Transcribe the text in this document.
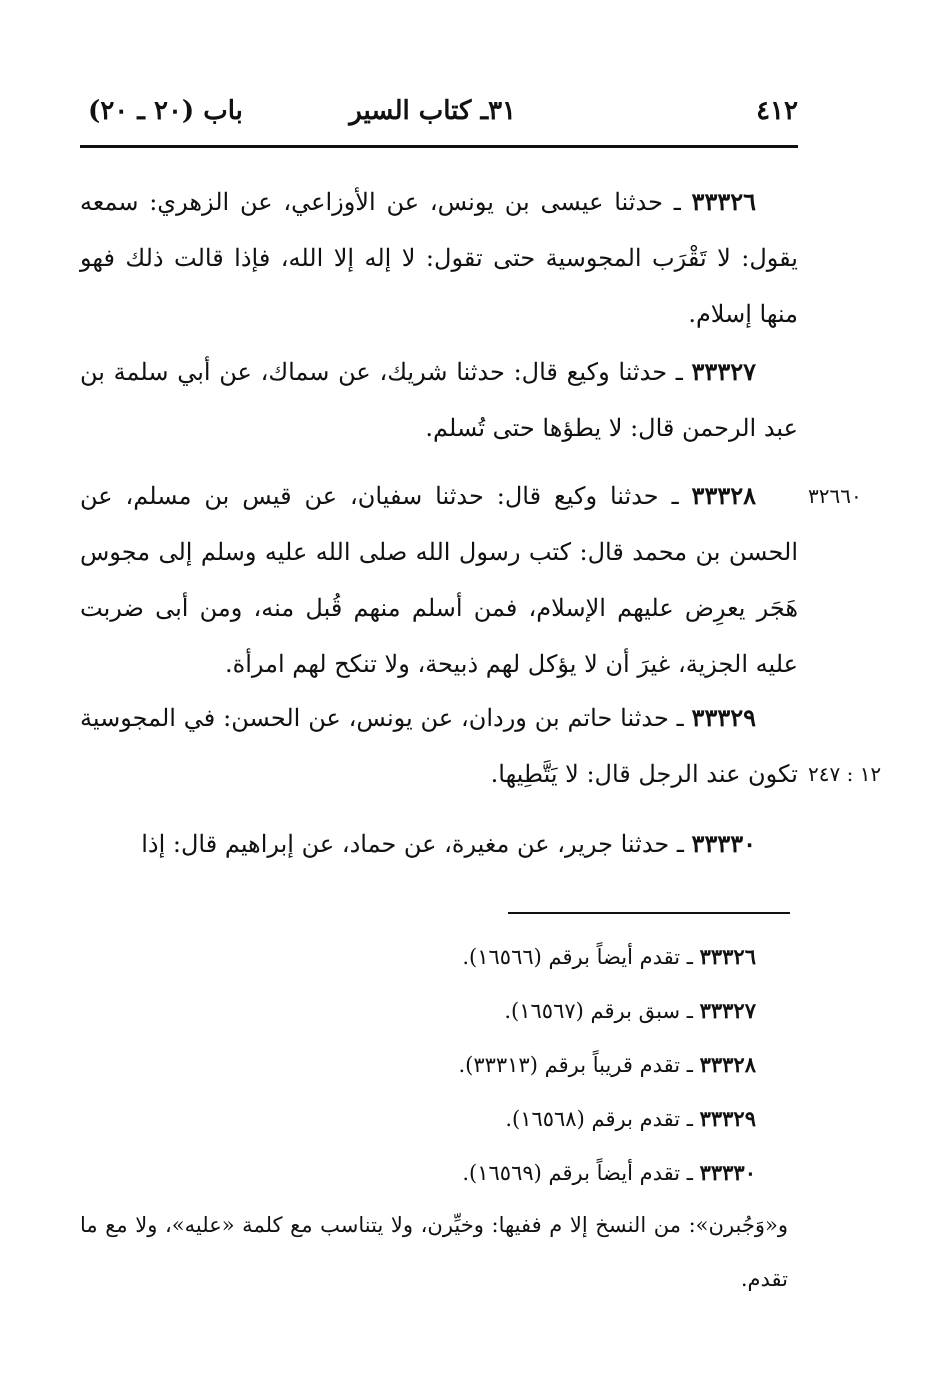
٤١٢
٣١ـ كتاب السير
باب (٢٠ ـ ٢٠)

٣٣٣٢٦ ـ حدثنا عيسى بن يونس، عن الأوزاعي، عن الزهري: سمعه يقول: لا تَقْرَب المجوسية حتى تقول: لا إله إلا الله، فإذا قالت ذلك فهو منها إسلام.

٣٣٣٢٧ ـ حدثنا وكيع قال: حدثنا شريك، عن سماك، عن أبي سلمة بن عبد الرحمن قال: لا يطؤها حتى تُسلم.

٣٣٣٢٨ ـ حدثنا وكيع قال: حدثنا سفيان، عن قيس بن مسلم، عن الحسن بن محمد قال: كتب رسول الله صلى الله عليه وسلم إلى مجوس هَجَر يعرِض عليهم الإسلام، فمن أسلم منهم قُبل منه، ومن أبى ضربت عليه الجزية، غيرَ أن لا يؤكل لهم ذبيحة، ولا تنكح لهم امرأة.

٣٣٣٢٩ ـ حدثنا حاتم بن وردان، عن يونس، عن الحسن: في المجوسية تكون عند الرجل قال: لا يَتَّطِيها.

٣٣٣٣٠ ـ حدثنا جرير، عن مغيرة، عن حماد، عن إبراهيم قال: إذا

٣٢٦٦٠
١٢ : ٢٤٧
٣٣٣٢٦ ـ تقدم أيضاً برقم (١٦٥٦٦).
٣٣٣٢٧ ـ سبق برقم (١٦٥٦٧).
٣٣٣٢٨ ـ تقدم قريباً برقم (٣٣٣١٣).
٣٣٣٢٩ ـ تقدم برقم (١٦٥٦٨).
٣٣٣٣٠ ـ تقدم أيضاً برقم (١٦٥٦٩).

و«وَجُبرن»: من النسخ إلا م ففيها: وخيِّرن، ولا يتناسب مع كلمة «عليه»، ولا مع ما تقدم.
